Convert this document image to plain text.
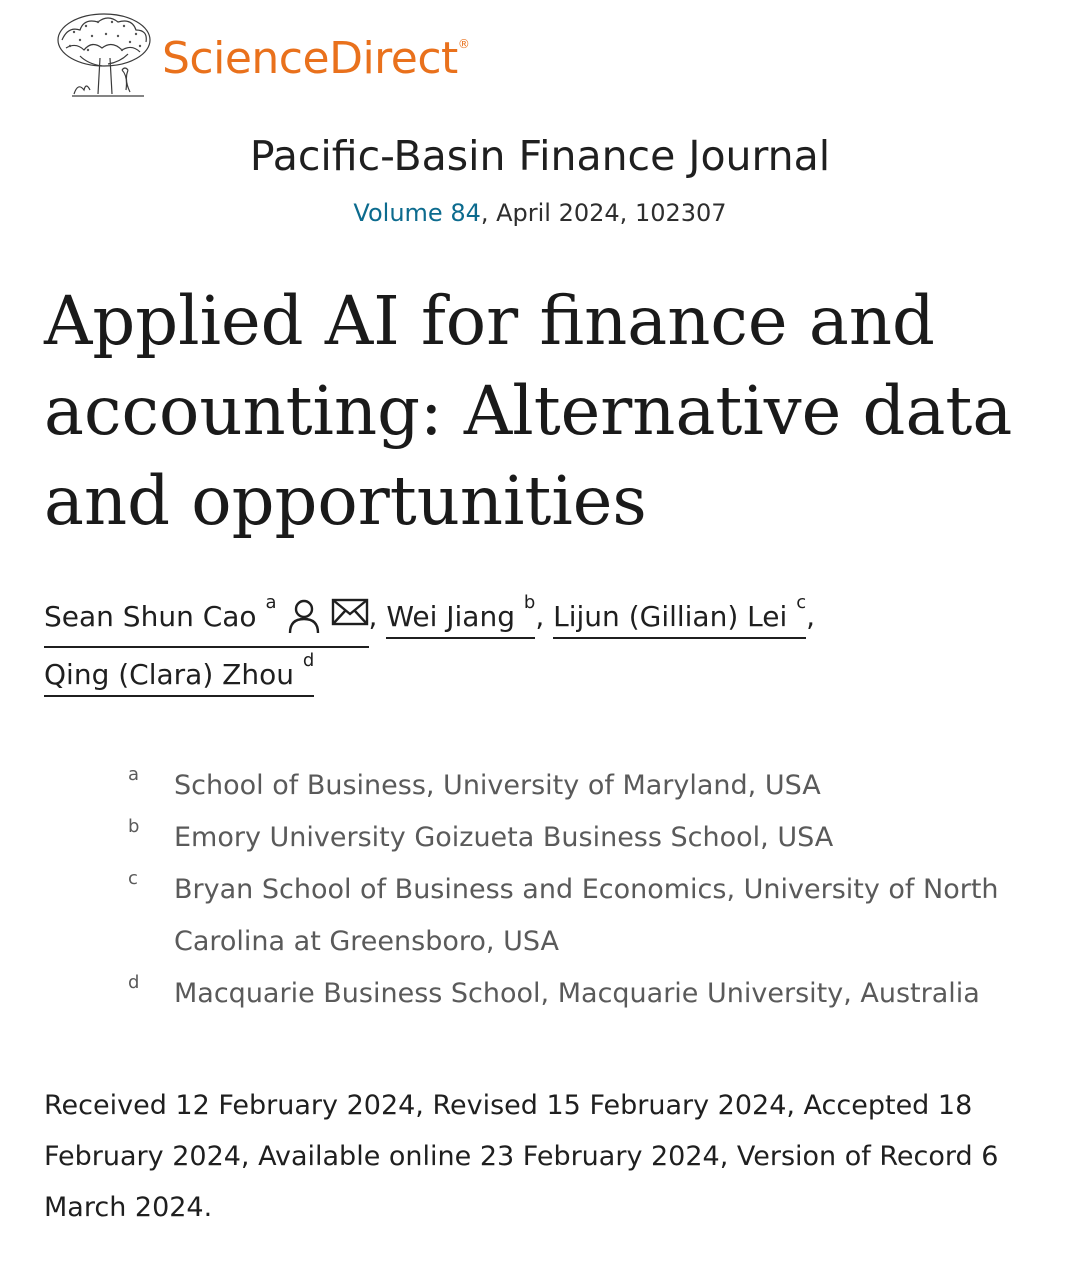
ScienceDirect®
Pacific-Basin Finance Journal
Volume 84, April 2024, 102307
Applied AI for finance and accounting: Alternative data and opportunities
Sean Shun Cao $^a$	, Wei Jiang $^b$, Lijun (Gillian) Lei $^c$,
Qing (Clara) Zhou $^d$
a	School of Business, University of Maryland, USA
b	Emory University Goizueta Business School, USA
c	Bryan School of Business and Economics, University of North Carolina at Greensboro, USA
d	Macquarie Business School, Macquarie University, Australia
Received 12 February 2024, Revised 15 February 2024, Accepted 18 February 2024, Available online 23 February 2024, Version of Record 6 March 2024.
